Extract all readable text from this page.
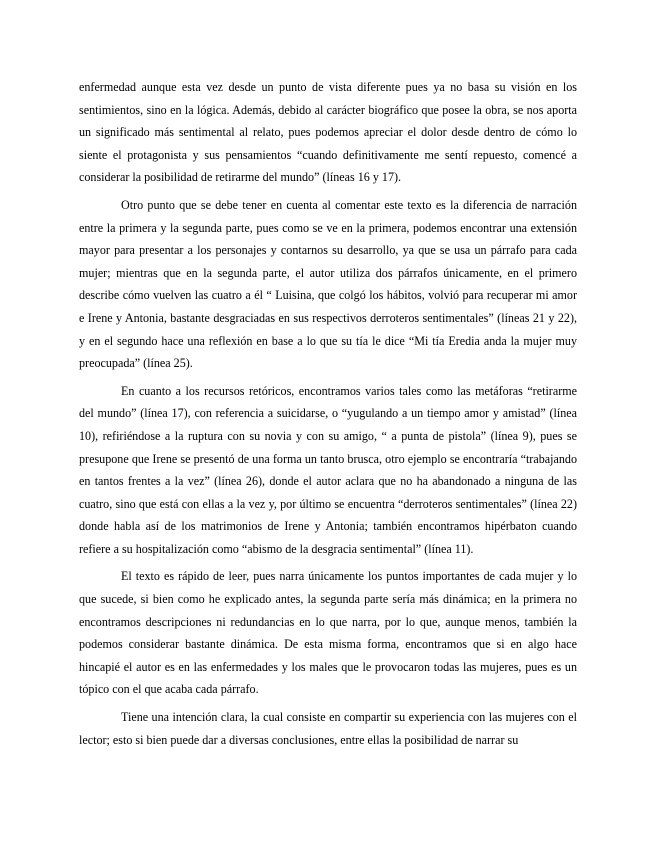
enfermedad aunque esta vez desde un punto de vista diferente pues ya no basa su visión en los sentimientos, sino en la lógica. Además, debido al carácter biográfico que posee la obra, se nos aporta un significado más sentimental al relato, pues podemos apreciar el dolor desde dentro de cómo lo siente el protagonista y sus pensamientos “cuando definitivamente me sentí repuesto, comencé a considerar la posibilidad de retirarme del mundo” (líneas 16 y 17).

Otro punto que se debe tener en cuenta al comentar este texto es la diferencia de narración entre la primera y la segunda parte, pues como se ve en la primera, podemos encontrar una extensión mayor para presentar a los personajes y contarnos su desarrollo, ya que se usa un párrafo para cada mujer; mientras que en la segunda parte, el autor utiliza dos párrafos únicamente, en el primero describe cómo vuelven las cuatro a él “ Luisina, que colgó los hábitos, volvió para recuperar mi amor e Irene y Antonia, bastante desgraciadas en sus respectivos derroteros sentimentales” (líneas 21 y 22), y en el segundo hace una reflexión en base a lo que su tía le dice “Mi tía Eredia anda la mujer muy preocupada” (línea 25).

En cuanto a los recursos retóricos, encontramos varios tales como las metáforas “retirarme del mundo” (línea 17), con referencia a suicidarse, o “yugulando a un tiempo amor y amistad” (línea 10), refiriéndose a la ruptura con su novia y con su amigo, “ a punta de pistola” (línea 9), pues se presupone que Irene se presentó de una forma un tanto brusca, otro ejemplo se encontraría “trabajando en tantos frentes a la vez” (línea 26), donde el autor aclara que no ha abandonado a ninguna de las cuatro, sino que está con ellas a la vez y, por último se encuentra “derroteros sentimentales” (línea 22) donde habla así de los matrimonios de Irene y Antonia; también encontramos hipérbaton cuando refiere a su hospitalización como “abismo de la desgracia sentimental” (línea 11).

El texto es rápido de leer, pues narra únicamente los puntos importantes de cada mujer y lo que sucede, si bien como he explicado antes, la segunda parte sería más dinámica; en la primera no encontramos descripciones ni redundancias en lo que narra, por lo que, aunque menos, también la podemos considerar bastante dinámica. De esta misma forma, encontramos que si en algo hace hincapié el autor es en las enfermedades y los males que le provocaron todas las mujeres, pues es un tópico con el que acaba cada párrafo.

Tiene una intención clara, la cual consiste en compartir su experiencia con las mujeres con el lector; esto si bien puede dar a diversas conclusiones, entre ellas la posibilidad de narrar su
